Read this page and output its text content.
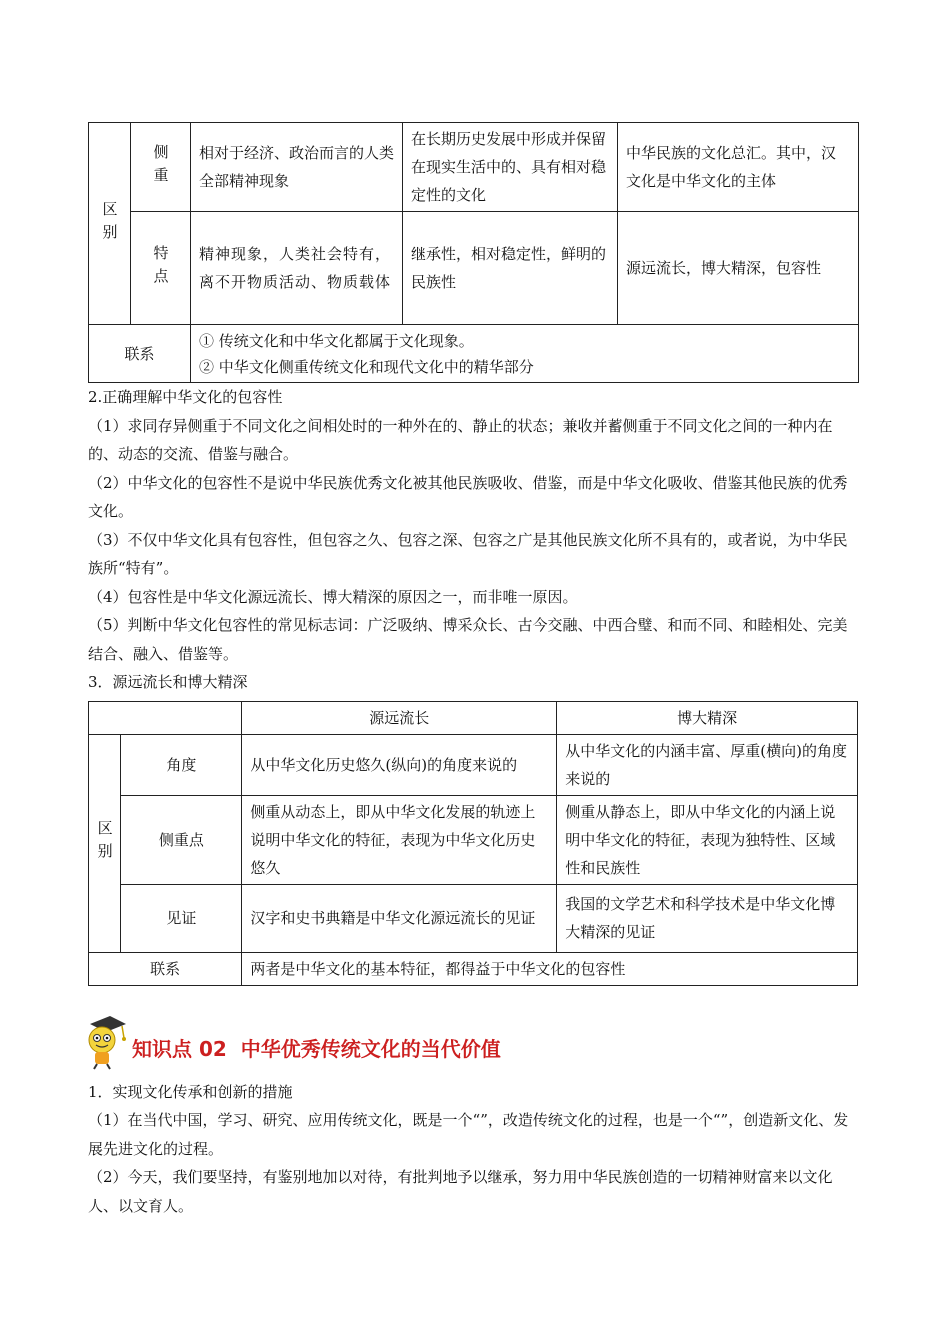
区别	侧重	相对于经济、政治而言的人类全部精神现象	在长期历史发展中形成并保留在现实生活中的、具有相对稳定性的文化	中华民族的文化总汇。其中，汉文化是中华文化的主体
	特点	精神现象，人类社会特有，离不开物质活动、物质载体	继承性，相对稳定性，鲜明的民族性	源远流长，博大精深，包容性
联系		① 传统文化和中华文化都属于文化现象。
② 中华文化侧重传统文化和现代文化中的精华部分		

2.正确理解中华文化的包容性

（1）求同存异侧重于不同文化之间相处时的一种外在的、静止的状态；兼收并蓄侧重于不同文化之间的一种内在的、动态的交流、借鉴与融合。

（2）中华文化的包容性不是说中华民族优秀文化被其他民族吸收、借鉴，而是中华文化吸收、借鉴其他民族的优秀文化。

（3）不仅中华文化具有包容性，但包容之久、包容之深、包容之广是其他民族文化所不具有的，或者说，为中华民族所“特有”。

（4）包容性是中华文化源远流长、博大精深的原因之一，而非唯一原因。

（5）判断中华文化包容性的常见标志词：广泛吸纳、博采众长、古今交融、中西合璧、和而不同、和睦相处、完美结合、融入、借鉴等。

3．源远流长和博大精深

		源远流长	博大精深
区别	角度	从中华文化历史悠久(纵向)的角度来说的	从中华文化的内涵丰富、厚重(横向)的角度来说的
	侧重点	侧重从动态上，即从中华文化发展的轨迹上说明中华文化的特征，表现为中华文化历史悠久	侧重从静态上，即从中华文化的内涵上说明中华文化的特征，表现为独特性、区域性和民族性
	见证	汉字和史书典籍是中华文化源远流长的见证	我国的文学艺术和科学技术是中华文化博大精深的见证
联系		两者是中华文化的基本特征，都得益于中华文化的包容性	
知识点 02 中华优秀传统文化的当代价值

1．实现文化传承和创新的措施

（1）在当代中国，学习、研究、应用传统文化，既是一个“”，改造传统文化的过程，也是一个“”，创造新文化、发展先进文化的过程。

（2）今天，我们要坚持，有鉴别地加以对待，有批判地予以继承，努力用中华民族创造的一切精神财富来以文化人、以文育人。
